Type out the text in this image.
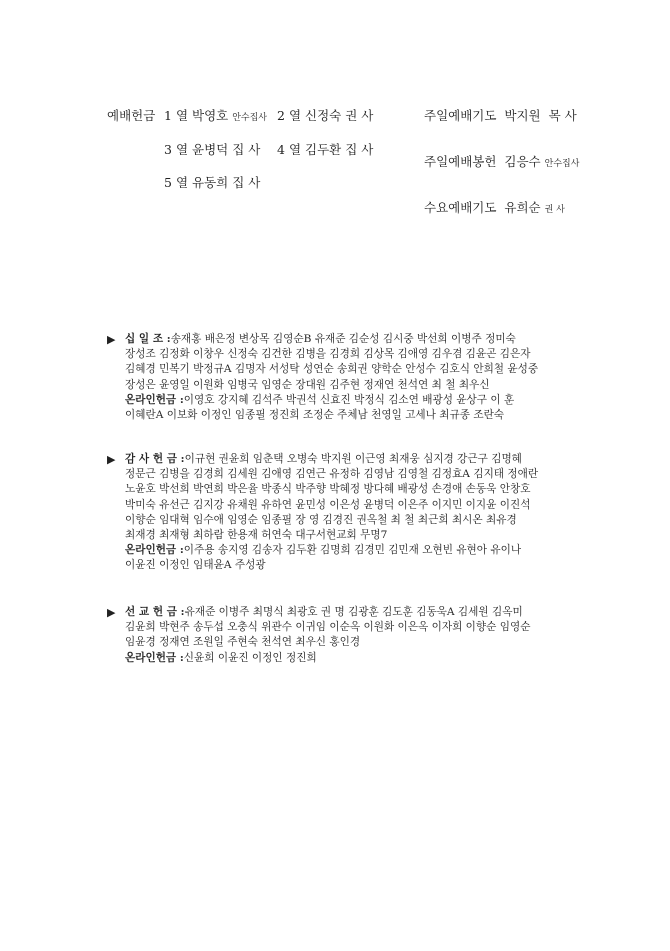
예배헌금 1 열 박영호 안수집사 2 열 신정숙 권 사
3 열 윤병덕 집 사 4 열 김두환 집 사
5 열 유동희 집 사
주일예배기도 박지원 목 사
주일예배봉헌 김응수 안수집사
수요예배기도 유희순 권 사
▶ 십 일 조 :송재홍 배은정 변상목 김영순B 유재준 김순성 김시중 박선희 이병주 정미숙
장성조 김정화 이창우 신정숙 김건한 김병을 김경희 김상목 김애영 김우겸 김윤곤 김은자
김혜경 민복기 박정규A 김명자 서성탁 성연순 송희권 양학순 안성수 김호식 안희철 윤성중
장성은 윤영일 이원화 임병국 임영순 장대원 김주현 정재연 천석연 최 철 최우신
온라인헌금 :이영호 강지혜 김석주 박권석 신효진 박정식 김소연 배광성 윤상구 이 훈
이혜란A 이보화 이정인 임종필 정진희 조정순 주체남 천영일 고세나 최규종 조란숙
▶ 감 사 헌 금 :이규현 권윤희 임춘택 오병숙 박지원 이근영 최재웅 심지경 강근구 김명혜
정문근 김병을 김경희 김세원 김애영 김연근 유정하 김영남 김영철 김정효A 김지태 정애란
노윤호 박선희 박연희 박은율 박종식 박주향 박혜정 방다혜 배광성 손경애 손동욱 안창호
박미숙 유선근 김지강 유채원 유하연 윤민성 이은성 윤병덕 이은주 이지민 이지윤 이진석
이향순 임대혁 임수애 임영순 임종필 장 영 김경진 권옥철 최 철 최근희 최시온 최유경
최재경 최재형 최하람 한용재 허연숙 대구서현교회 무명7
온라인헌금 :이주용 송지영 김송자 김두환 김명희 김경민 김민재 오현빈 유현아 유이나
이윤진 이정인 임태윤A 주성광
▶ 선 교 헌 금 :유재준 이병주 최명식 최광호 권 명 김광훈 김도훈 김동욱A 김세원 김옥미
김윤희 박현주 송두섭 오충식 위관수 이귀임 이순옥 이원화 이은옥 이자희 이향순 임영순
임윤경 정재연 조원일 주현숙 천석연 최우신 홍인경
온라인헌금 :신윤희 이윤진 이정인 정진희
